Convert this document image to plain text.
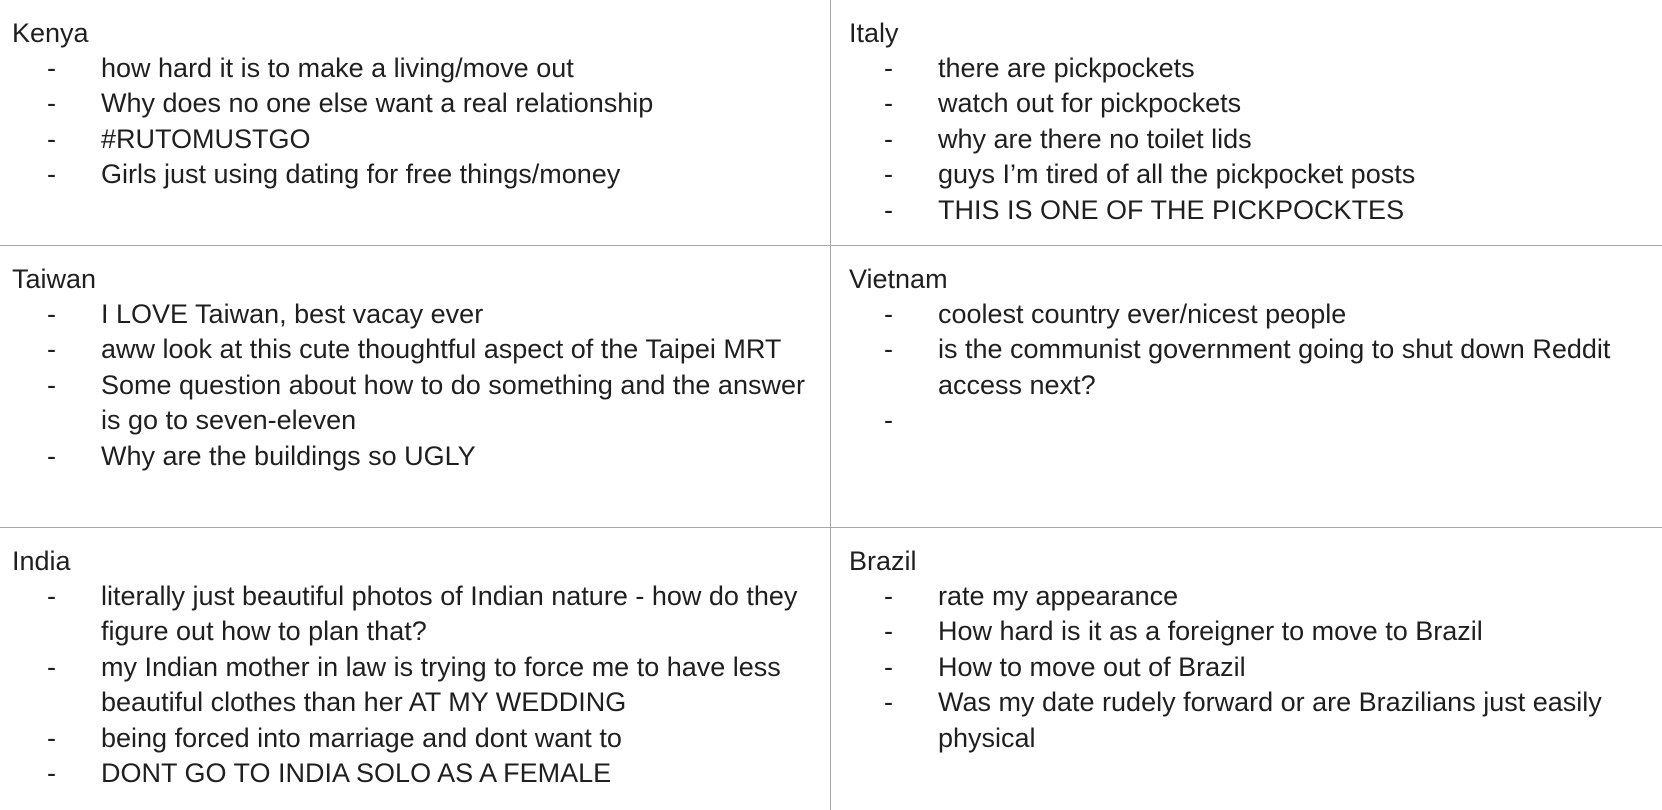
Kenya
- how hard it is to make a living/move out
- Why does no one else want a real relationship
- #RUTOMUSTGO
- Girls just using dating for free things/money
Italy
- there are pickpockets
- watch out for pickpockets
- why are there no toilet lids
- guys I’m tired of all the pickpocket posts
- THIS IS ONE OF THE PICKPOCKTES
Taiwan
- I LOVE Taiwan, best vacay ever
- aww look at this cute thoughtful aspect of the Taipei MRT
- Some question about how to do something and the answer is go to seven-eleven
- Why are the buildings so UGLY
Vietnam
- coolest country ever/nicest people
- is the communist government going to shut down Reddit access next?
-
India
- literally just beautiful photos of Indian nature - how do they figure out how to plan that?
- my Indian mother in law is trying to force me to have less beautiful clothes than her AT MY WEDDING
- being forced into marriage and dont want to
- DONT GO TO INDIA SOLO AS A FEMALE
Brazil
- rate my appearance
- How hard is it as a foreigner to move to Brazil
- How to move out of Brazil
- Was my date rudely forward or are Brazilians just easily physical
